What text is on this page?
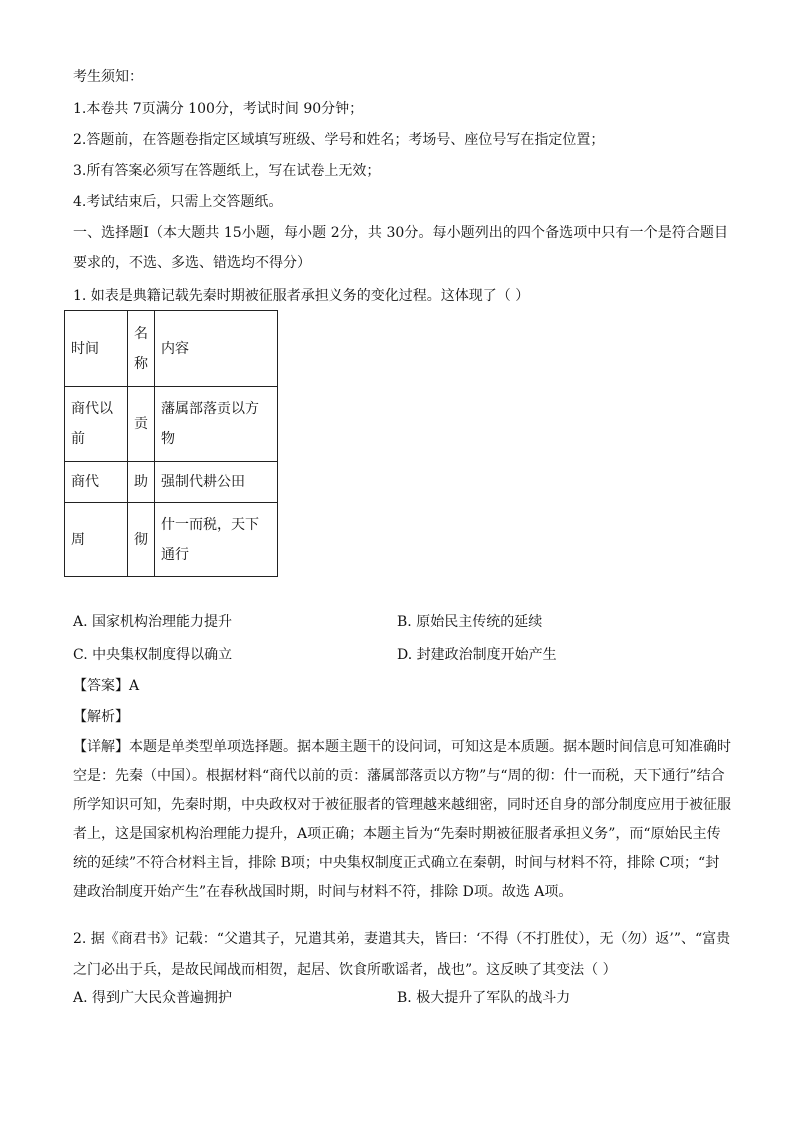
考生须知：
1.本卷共 7页满分 100分，考试时间 90分钟；
2.答题前，在答题卷指定区域填写班级、学号和姓名；考场号、座位号写在指定位置；
3.所有答案必须写在答题纸上，写在试卷上无效；
4.考试结束后，只需上交答题纸。
一、选择题Ⅰ（本大题共 15小题，每小题 2分，共 30分。每小题列出的四个备选项中只有一个是符合题目要求的，不选、多选、错选均不得分）
1. 如表是典籍记载先秦时期被征服者承担义务的变化过程。这体现了（ ）
时间	名称	内容
商代以前	贡	藩属部落贡以方物
商代	助	强制代耕公田
周	彻	什一而税，天下通行
A. 国家机构治理能力提升	B. 原始民主传统的延续
C. 中央集权制度得以确立	D. 封建政治制度开始产生
【答案】A
【解析】
【详解】本题是单类型单项选择题。据本题主题干的设问词，可知这是本质题。据本题时间信息可知准确时空是：先秦（中国）。根据材料“商代以前的贡：藩属部落贡以方物”与“周的彻：什一而税，天下通行”结合所学知识可知，先秦时期，中央政权对于被征服者的管理越来越细密，同时还自身的部分制度应用于被征服者上，这是国家机构治理能力提升，A项正确；本题主旨为“先秦时期被征服者承担义务”，而“原始民主传统的延续”不符合材料主旨，排除 B项；中央集权制度正式确立在秦朝，时间与材料不符，排除 C项；“封建政治制度开始产生”在春秋战国时期，时间与材料不符，排除 D项。故选 A项。
2. 据《商君书》记载：“父遣其子，兄遣其弟，妻遣其夫，皆曰：‘不得（不打胜仗），无（勿）返’”、“富贵之门必出于兵，是故民闻战而相贺，起居、饮食所歌谣者，战也”。这反映了其变法（ ）
A. 得到广大民众普遍拥护	B. 极大提升了军队的战斗力
